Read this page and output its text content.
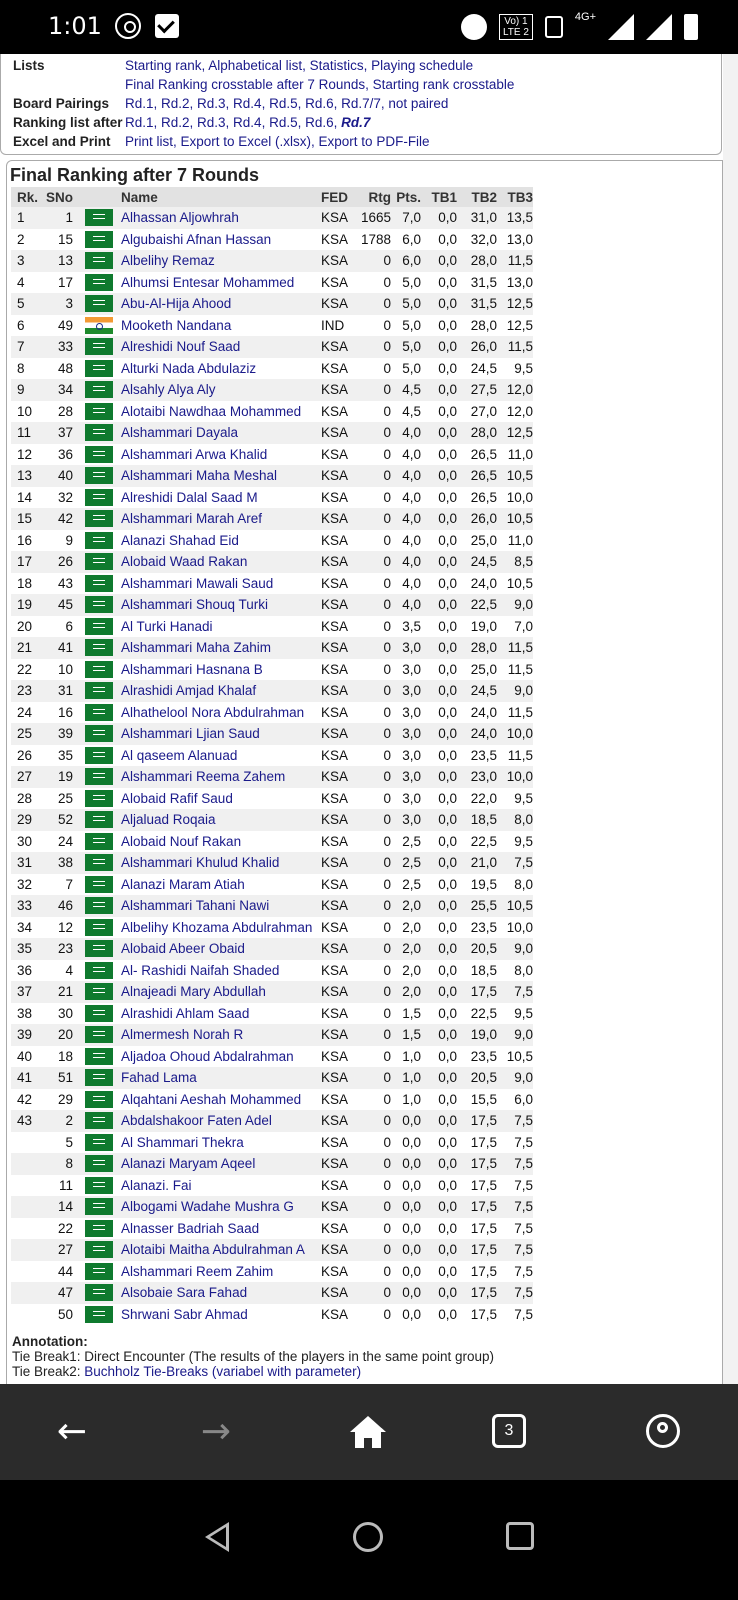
1:01	Vo) 1
LTE 2
4G+
Lists	Starting rank, Alphabetical list, Statistics, Playing schedule
Final Ranking crosstable after 7 Rounds, Starting rank crosstable
Board Pairings	Rd.1, Rd.2, Rd.3, Rd.4, Rd.5, Rd.6, Rd.7/7 , not paired
Ranking list after Rd.1, Rd.2, Rd.3, Rd.4, Rd.5, Rd.6,
Rd.7
Excel and Print	Print list, Export to Excel (.xlsx), Export to PDF-File
Final Ranking after 7 Rounds
Rk.	SNo		Name	FED	Rtg	Pts.	TB1	TB2	TB3
1	1		Alhassan Aljowhrah	KSA	1665	7,0	0,0	31,0	13,5
2	15		Algubaishi Afnan Hassan	KSA	1788	6,0	0,0	32,0	13,0
3	13		Albelihy Remaz	KSA	0	6,0	0,0	28,0	11,5
4	17		Alhumsi Entesar Mohammed	KSA	0	5,0	0,0	31,5	13,0
5	3		Abu-Al-Hija Ahood	KSA	0	5,0	0,0	31,5	12,5
6	49		Mooketh Nandana	IND	0	5,0	0,0	28,0	12,5
7	33		Alreshidi Nouf Saad	KSA	0	5,0	0,0	26,0	11,5
8	48		Alturki Nada Abdulaziz	KSA	0	5,0	0,0	24,5	9,5
9	34		Alsahly Alya Aly	KSA	0	4,5	0,0	27,5	12,0
10	28		Alotaibi Nawdhaa Mohammed	KSA	0	4,5	0,0	27,0	12,0
11	37		Alshammari Dayala	KSA	0	4,0	0,0	28,0	12,5
12	36		Alshammari Arwa Khalid	KSA	0	4,0	0,0	26,5	11,0
13	40		Alshammari Maha Meshal	KSA	0	4,0	0,0	26,5	10,5
14	32		Alreshidi Dalal Saad M	KSA	0	4,0	0,0	26,5	10,0
15	42		Alshammari Marah Aref	KSA	0	4,0	0,0	26,0	10,5
16	9		Alanazi Shahad Eid	KSA	0	4,0	0,0	25,0	11,0
17	26		Alobaid Waad Rakan	KSA	0	4,0	0,0	24,5	8,5
18	43		Alshammari Mawali Saud	KSA	0	4,0	0,0	24,0	10,5
19	45		Alshammari Shouq Turki	KSA	0	4,0	0,0	22,5	9,0
20	6		Al Turki Hanadi	KSA	0	3,5	0,0	19,0	7,0
21	41		Alshammari Maha Zahim	KSA	0	3,0	0,0	28,0	11,5
22	10		Alshammari Hasnana B	KSA	0	3,0	0,0	25,0	11,5
23	31		Alrashidi Amjad Khalaf	KSA	0	3,0	0,0	24,5	9,0
24	16		Alhathelool Nora Abdulrahman	KSA	0	3,0	0,0	24,0	11,5
25	39		Alshammari Ljian Saud	KSA	0	3,0	0,0	24,0	10,0
26	35		Al qaseem Alanuad	KSA	0	3,0	0,0	23,5	11,5
27	19		Alshammari Reema Zahem	KSA	0	3,0	0,0	23,0	10,0
28	25		Alobaid Rafif Saud	KSA	0	3,0	0,0	22,0	9,5
29	52		Aljaluad Roqaia	KSA	0	3,0	0,0	18,5	8,0
30	24		Alobaid Nouf Rakan	KSA	0	2,5	0,0	22,5	9,5
31	38		Alshammari Khulud Khalid	KSA	0	2,5	0,0	21,0	7,5
32	7		Alanazi Maram Atiah	KSA	0	2,5	0,0	19,5	8,0
33	46		Alshammari Tahani Nawi	KSA	0	2,0	0,0	25,5	10,5
34	12		Albelihy Khozama Abdulrahman	KSA	0	2,0	0,0	23,5	10,0
35	23		Alobaid Abeer Obaid	KSA	0	2,0	0,0	20,5	9,0
36	4		Al- Rashidi Naifah Shaded	KSA	0	2,0	0,0	18,5	8,0
37	21		Alnajeadi Mary Abdullah	KSA	0	2,0	0,0	17,5	7,5
38	30		Alrashidi Ahlam Saad	KSA	0	1,5	0,0	22,5	9,5
39	20		Almermesh Norah R	KSA	0	1,5	0,0	19,0	9,0
40	18		Aljadoa Ohoud Abdalrahman	KSA	0	1,0	0,0	23,5	10,5
41	51		Fahad Lama	KSA	0	1,0	0,0	20,5	9,0
42	29		Alqahtani Aeshah Mohammed	KSA	0	1,0	0,0	15,5	6,0
43	2		Abdalshakoor Faten Adel	KSA	0	0,0	0,0	17,5	7,5
	5		Al Shammari Thekra	KSA	0	0,0	0,0	17,5	7,5
	8		Alanazi Maryam Aqeel	KSA	0	0,0	0,0	17,5	7,5
	11		Alanazi. Fai	KSA	0	0,0	0,0	17,5	7,5
	14		Albogami Wadahe Mushra G	KSA	0	0,0	0,0	17,5	7,5
	22		Alnasser Badriah Saad	KSA	0	0,0	0,0	17,5	7,5
	27		Alotaibi Maitha Abdulrahman A	KSA	0	0,0	0,0	17,5	7,5
	44		Alshammari Reem Zahim	KSA	0	0,0	0,0	17,5	7,5
	47		Alsobaie Sara Fahad	KSA	0	0,0	0,0	17,5	7,5
	50		Shrwani Sabr Ahmad	KSA	0	0,0	0,0	17,5	7,5
Annotation:
Tie Break1: Direct Encounter (The results of the players in the same point group)
Tie Break2: Buchholz Tie-Breaks (variabel with parameter)
←	→	3
